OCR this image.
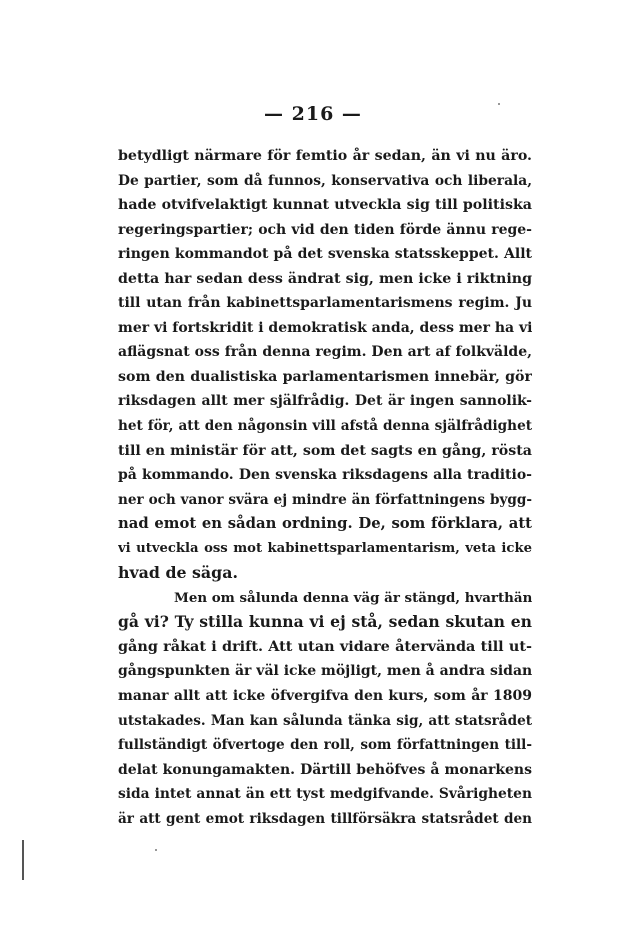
— 216 —
betydligt närmare för femtio år sedan, än vi nu äro.
De partier, som då funnos, konservativa och liberala,
hade otvifvelaktigt kunnat utveckla sig till politiska
regeringspartier; och vid den tiden förde ännu rege-
ringen kommandot på det svenska statsskeppet. Allt
detta har sedan dess ändrat sig, men icke i riktning
till utan från kabinettsparlamentarismens regim. Ju
mer vi fortskridit i demokratisk anda, dess mer ha vi
aflägsnat oss från denna regim. Den art af folkvälde,
som den dualistiska parlamentarismen innebär, gör
riksdagen allt mer själfrådig. Det är ingen sannolik-
het för, att den någonsin vill afstå denna själfrådighet
till en ministär för att, som det sagts en gång, rösta
på kommando. Den svenska riksdagens alla traditio-
ner och vanor svära ej mindre än författningens bygg-
nad emot en sådan ordning. De, som förklara, att
vi utveckla oss mot kabinettsparlamentarism, veta icke
hvad de säga.
Men om sålunda denna väg är stängd, hvarthän
gå vi? Ty stilla kunna vi ej stå, sedan skutan en
gång råkat i drift. Att utan vidare återvända till ut-
gångspunkten är väl icke möjligt, men å andra sidan
manar allt att icke öfvergifva den kurs, som år 1809
utstakades. Man kan sålunda tänka sig, att statsrådet
fullständigt öfvertoge den roll, som författningen till-
delat konungamakten. Därtill behöfves å monarkens
sida intet annat än ett tyst medgifvande. Svårigheten
är att gent emot riksdagen tillförsäkra statsrådet den
